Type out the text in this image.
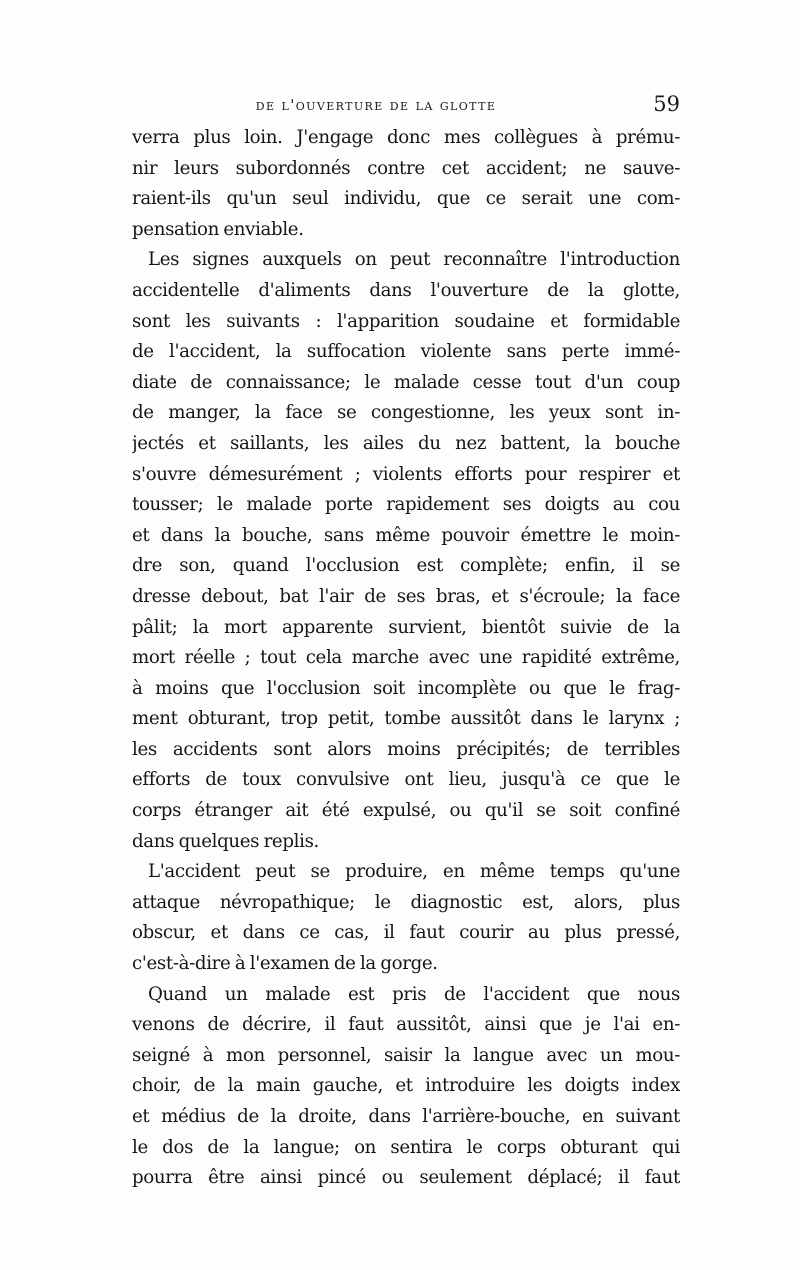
de l'ouverture de la glotte	59
verra plus loin. J'engage donc mes collègues à prému-
nir leurs subordonnés contre cet accident; ne sauve-
raient-ils qu'un seul individu, que ce serait une com-
pensation enviable.
Les signes auxquels on peut reconnaître l'introduction
accidentelle d'aliments dans l'ouverture de la glotte,
sont les suivants : l'apparition soudaine et formidable
de l'accident, la suffocation violente sans perte immé-
diate de connaissance; le malade cesse tout d'un coup
de manger, la face se congestionne, les yeux sont in-
jectés et saillants, les ailes du nez battent, la bouche
s'ouvre démesurément ; violents efforts pour respirer et
tousser; le malade porte rapidement ses doigts au cou
et dans la bouche, sans même pouvoir émettre le moin-
dre son, quand l'occlusion est complète; enfin, il se
dresse debout, bat l'air de ses bras, et s'écroule; la face
pâlit; la mort apparente survient, bientôt suivie de la
mort réelle ; tout cela marche avec une rapidité extrême,
à moins que l'occlusion soit incomplète ou que le frag-
ment obturant, trop petit, tombe aussitôt dans le larynx ;
les accidents sont alors moins précipités; de terribles
efforts de toux convulsive ont lieu, jusqu'à ce que le
corps étranger ait été expulsé, ou qu'il se soit confiné
dans quelques replis.
L'accident peut se produire, en même temps qu'une
attaque névropathique; le diagnostic est, alors, plus
obscur, et dans ce cas, il faut courir au plus pressé,
c'est-à-dire à l'examen de la gorge.
Quand un malade est pris de l'accident que nous
venons de décrire, il faut aussitôt, ainsi que je l'ai en-
seigné à mon personnel, saisir la langue avec un mou-
choir, de la main gauche, et introduire les doigts index
et médius de la droite, dans l'arrière-bouche, en suivant
le dos de la langue; on sentira le corps obturant qui
pourra être ainsi pincé ou seulement déplacé; il faut
